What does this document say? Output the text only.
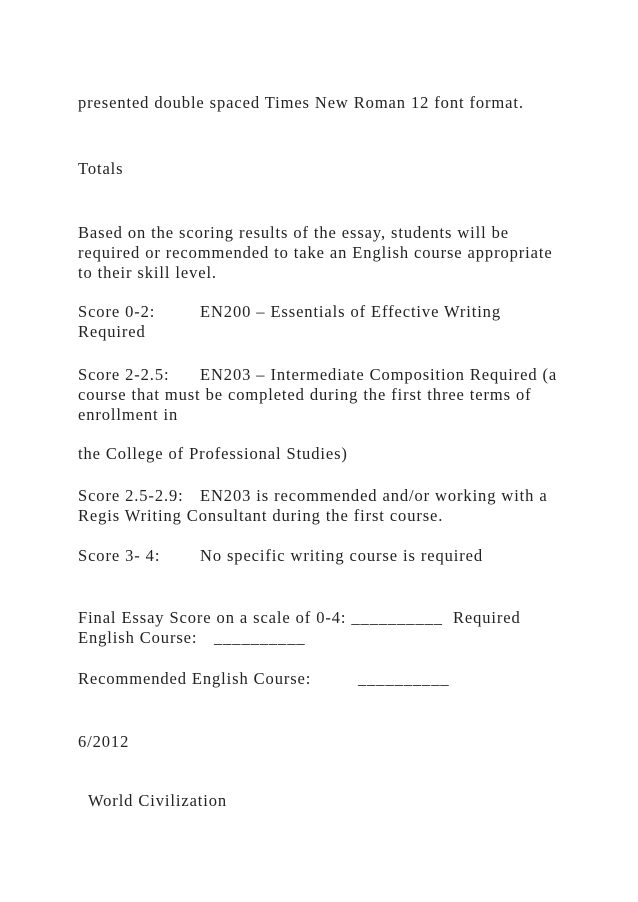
presented double spaced Times New Roman 12 font format.

Totals

Based on the scoring results of the essay, students will be

required or recommended to take an English course appropriate

to their skill level.

Score 0-2:	EN200 – Essentials of Effective Writing

Required

Score 2-2.5: EN203 – Intermediate Composition Required (a

course that must be completed during the first three terms of

enrollment in

the College of Professional Studies)

Score 2.5-2.9: EN203 is recommended and/or working with a

Regis Writing Consultant during the first course.

Score 3- 4: No specific writing course is required

Final Essay Score on a scale of 0-4: __________  Required

English Course: __________

Recommended English Course:	__________

6/2012

World Civilization
